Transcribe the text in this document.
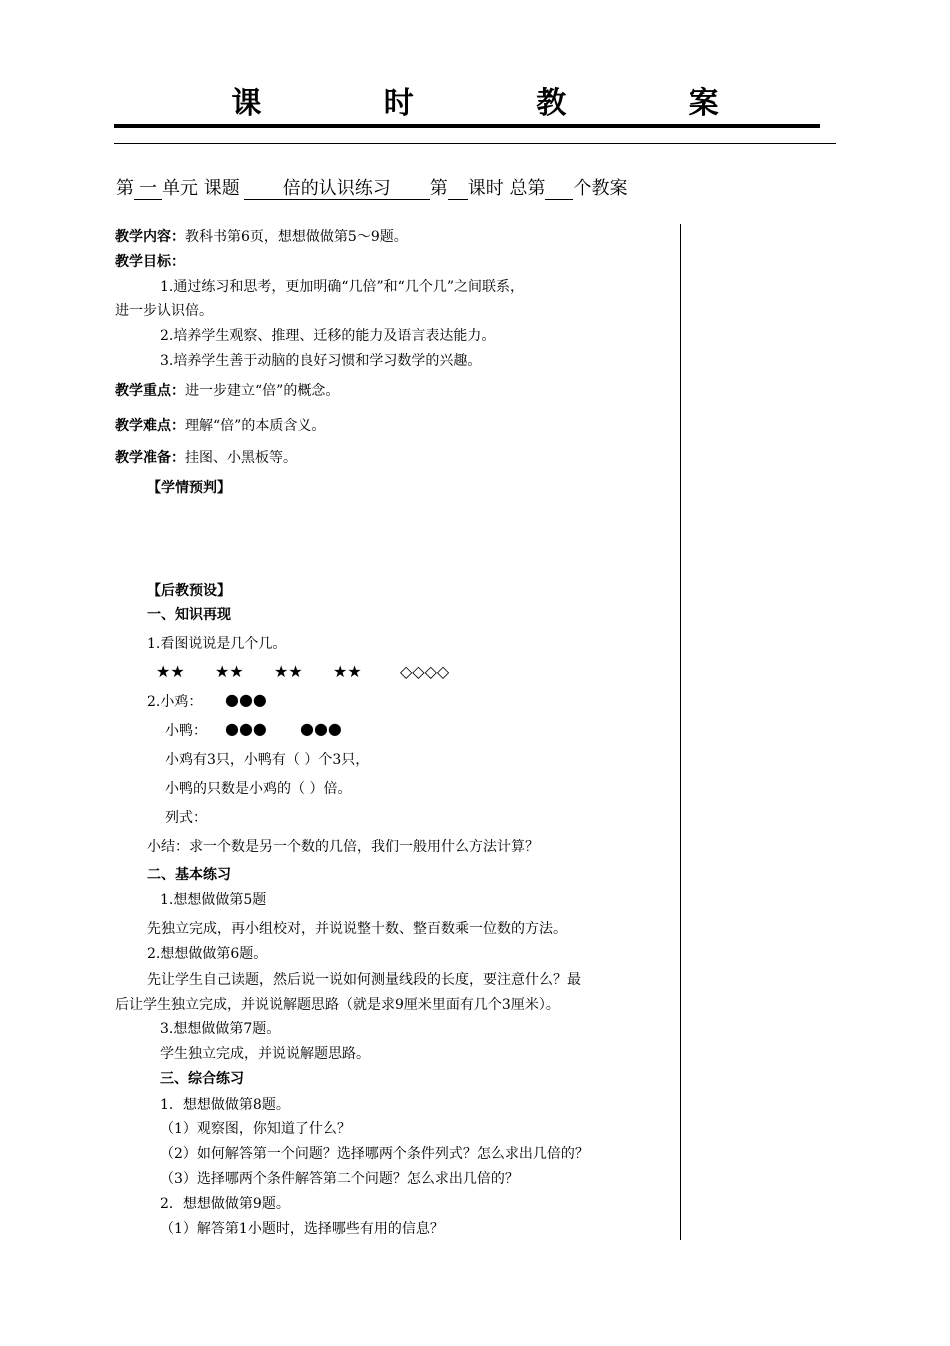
课 时 教 案
第 一 单元 课题 倍的认识练习 第 课时 总第 个教案
教学内容：教科书第6页，想想做做第5～9题。
教学目标：
1.通过练习和思考，更加明确“几倍”和“几个几”之间联系，
进一步认识倍。
2.培养学生观察、推理、迁移的能力及语言表达能力。
3.培养学生善于动脑的良好习惯和学习数学的兴趣。
教学重点：进一步建立“倍”的概念。
教学难点：理解“倍”的本质含义。
教学准备：挂图、小黑板等。
【学情预判】
【后教预设】
一、知识再现
1.看图说说是几个几。
★★ ★★ ★★ ★★ ◇◇◇◇
2.小鸡： ●●●
小鸭： ●●● ●●●
小鸡有3只，小鸭有（ ）个3只，
小鸭的只数是小鸡的（ ）倍。
列式：
小结：求一个数是另一个数的几倍，我们一般用什么方法计算？
二、基本练习
1.想想做做第5题
先独立完成，再小组校对，并说说整十数、整百数乘一位数的方法。
2.想想做做第6题。
先让学生自己读题，然后说一说如何测量线段的长度，要注意什么？最
后让学生独立完成，并说说解题思路（就是求9厘米里面有几个3厘米）。
3.想想做做第7题。
学生独立完成，并说说解题思路。
三、综合练习
1．想想做做第8题。
（1）观察图，你知道了什么？
（2）如何解答第一个问题？选择哪两个条件列式？怎么求出几倍的？
（3）选择哪两个条件解答第二个问题？怎么求出几倍的？
2．想想做做第9题。
（1）解答第1小题时，选择哪些有用的信息？
